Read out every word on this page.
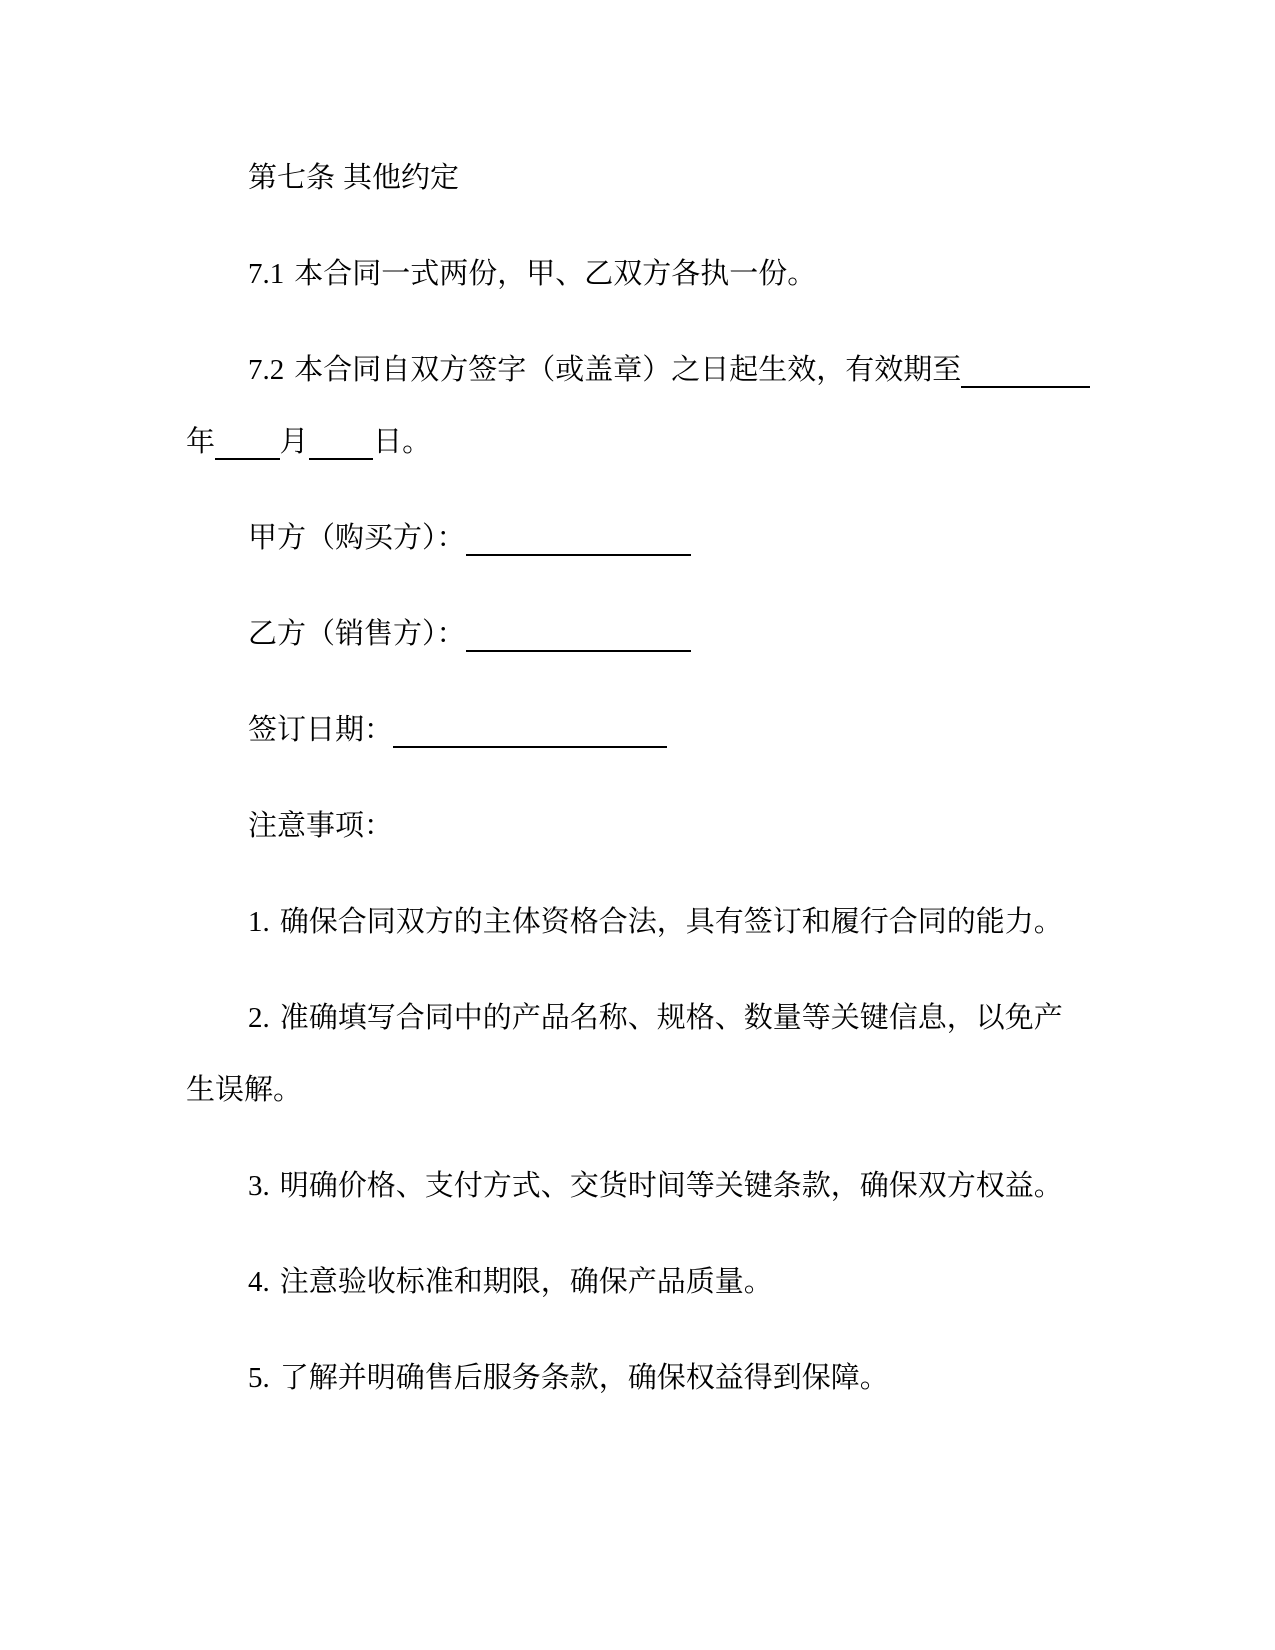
第七条 其他约定
7.1 本合同一式两份，甲、乙双方各执一份。
7.2 本合同自双方签字（或盖章）之日起生效，有效期至
年 月 日。
甲方（购买方）：
乙方（销售方）：
签订日期：
注意事项：
1. 确保合同双方的主体资格合法，具有签订和履行合同的能力。
2. 准确填写合同中的产品名称、规格、数量等关键信息，以免产
生误解。
3. 明确价格、支付方式、交货时间等关键条款，确保双方权益。
4. 注意验收标准和期限，确保产品质量。
5. 了解并明确售后服务条款，确保权益得到保障。
